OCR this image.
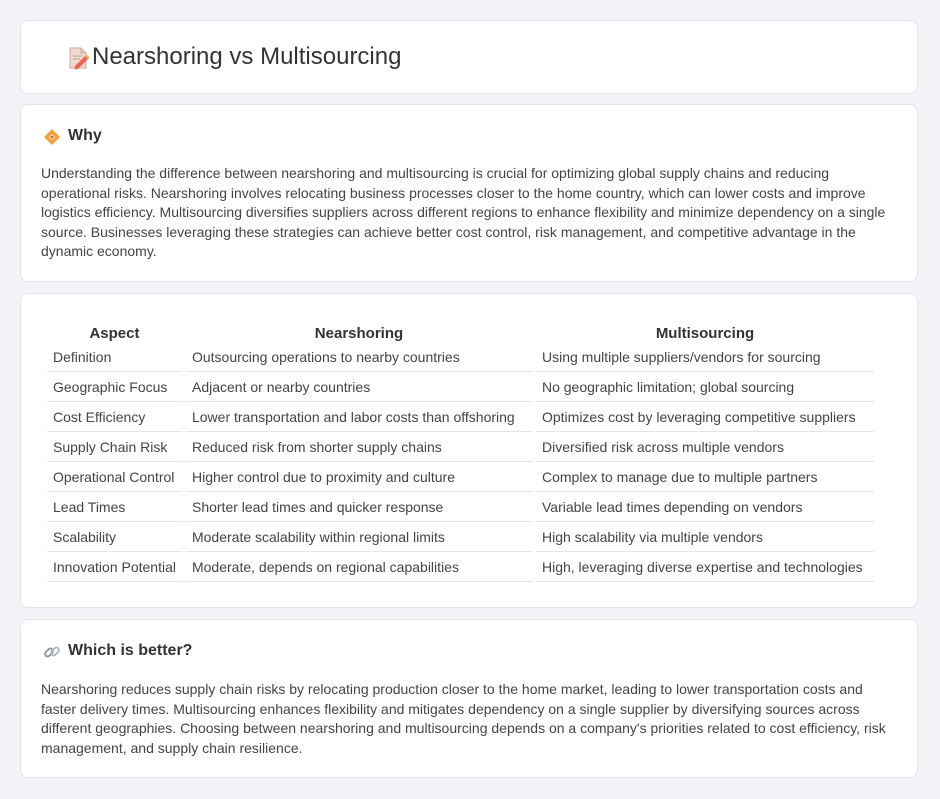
Nearshoring vs Multisourcing
Why

Understanding the difference between nearshoring and multisourcing is crucial for optimizing global supply chains and reducing operational risks. Nearshoring involves relocating business processes closer to the home country, which can lower costs and improve logistics efficiency. Multisourcing diversifies suppliers across different regions to enhance flexibility and minimize dependency on a single source. Businesses leveraging these strategies can achieve better cost control, risk management, and competitive advantage in the dynamic economy.

Aspect	Nearshoring	Multisourcing
Definition	Outsourcing operations to nearby countries	Using multiple suppliers/vendors for sourcing
Geographic Focus	Adjacent or nearby countries	No geographic limitation; global sourcing
Cost Efficiency	Lower transportation and labor costs than offshoring	Optimizes cost by leveraging competitive suppliers
Supply Chain Risk	Reduced risk from shorter supply chains	Diversified risk across multiple vendors
Operational Control	Higher control due to proximity and culture	Complex to manage due to multiple partners
Lead Times	Shorter lead times and quicker response	Variable lead times depending on vendors
Scalability	Moderate scalability within regional limits	High scalability via multiple vendors
Innovation Potential	Moderate, depends on regional capabilities	High, leveraging diverse expertise and technologies
Which is better?

Nearshoring reduces supply chain risks by relocating production closer to the home market, leading to lower transportation costs and faster delivery times. Multisourcing enhances flexibility and mitigates dependency on a single supplier by diversifying sources across different geographies. Choosing between nearshoring and multisourcing depends on a company's priorities related to cost efficiency, risk management, and supply chain resilience.
